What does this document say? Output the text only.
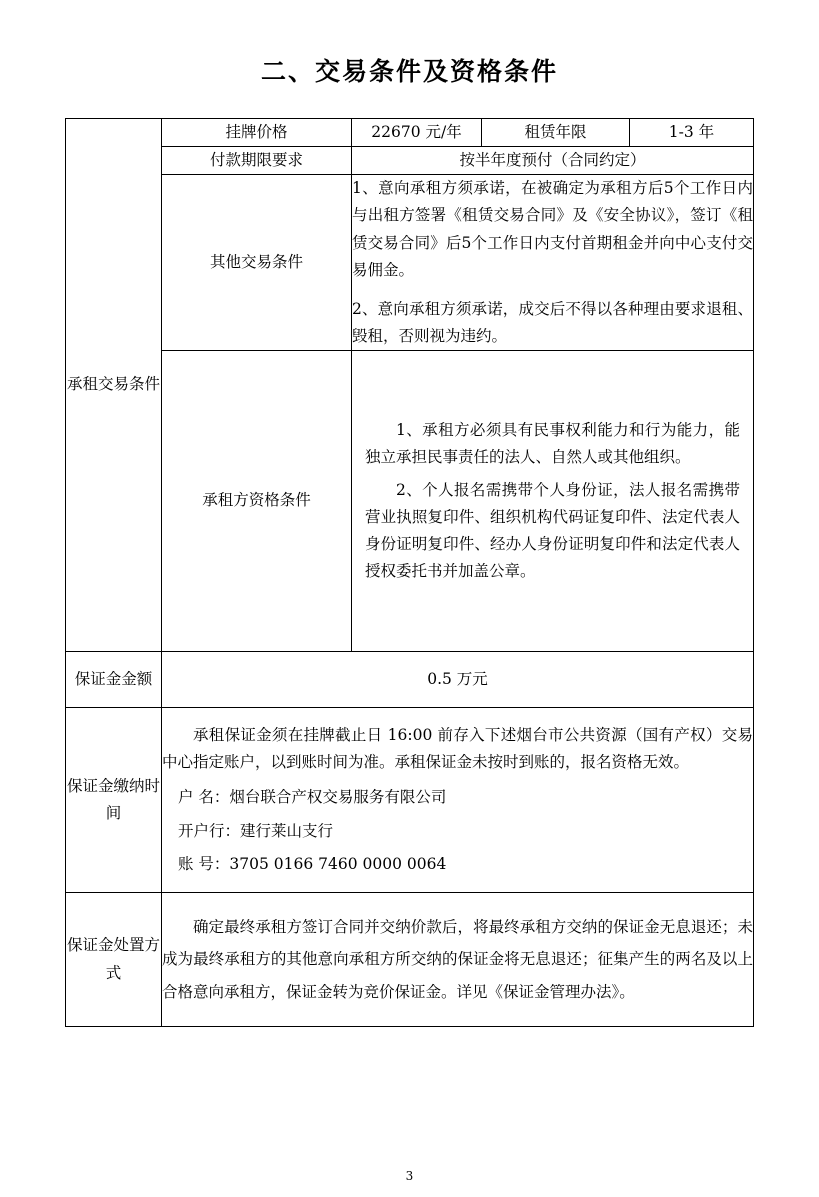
二、交易条件及资格条件
承租交易条件	挂牌价格	22670 元/年	租赁年限	1-3 年
	付款期限要求	按半年度预付（合同约定）		
	其他交易条件	1、意向承租方须承诺，在被确定为承租方后5个工作日内与出租方签署《租赁交易合同》及《安全协议》，签订《租赁交易合同》后5个工作日内支付首期租金并向中心支付交易佣金。

2、意向承租方须承诺，成交后不得以各种理由要求退租、毁租，否则视为违约。		

	承租方资格条件	1、承租方必须具有民事权利能力和行为能力，能独立承担民事责任的法人、自然人或其他组织。

2、个人报名需携带个人身份证，法人报名需携带营业执照复印件、组织机构代码证复印件、法定代表人身份证明复印件、经办人身份证明复印件和法定代表人授权委托书并加盖公章。		

保证金金额	0.5 万元			
保证金缴纳时间	承租保证金须在挂牌截止日 16:00 前存入下述烟台市公共资源（国有产权）交易中心指定账户，以到账时间为准。承租保证金未按时到账的，报名资格无效。

户 名：烟台联合产权交易服务有限公司

开户行：建行莱山支行

账 号：3705 0166 7460 0000 0064			

保证金处置方式	确定最终承租方签订合同并交纳价款后，将最终承租方交纳的保证金无息退还；未成为最终承租方的其他意向承租方所交纳的保证金将无息退还；征集产生的两名及以上合格意向承租方，保证金转为竞价保证金。详见《保证金管理办法》。			

3
